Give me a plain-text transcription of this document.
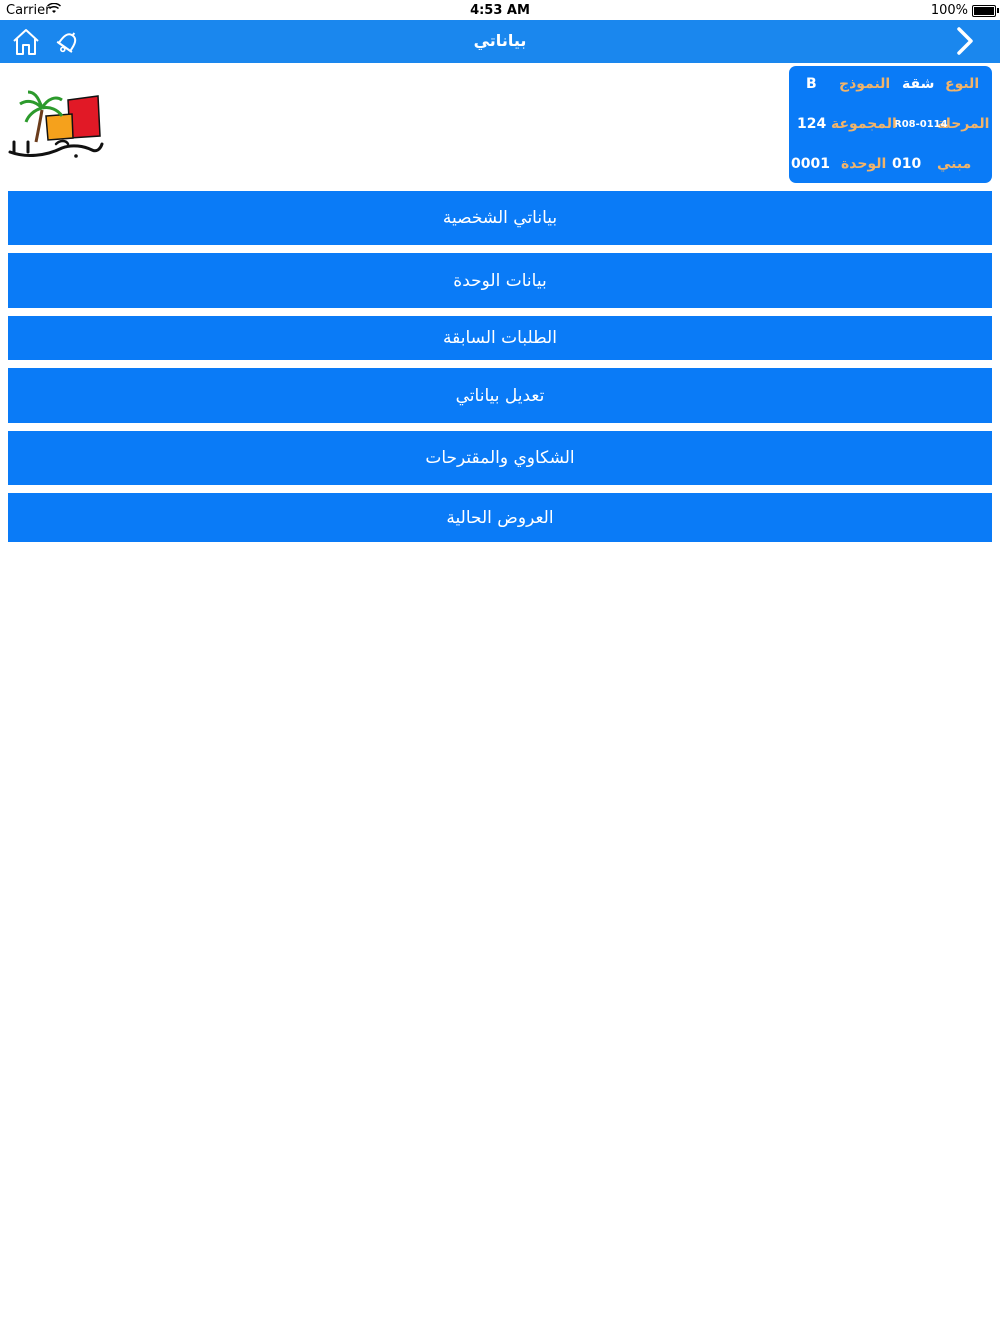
Carrier	4:53 AM	100%
بياناتي
النوع
شقة
النموذج
B
المرحلة
R08-0114
المجموعة
124
مبني
010
الوحدة
0001
بياناتي الشخصية
بيانات الوحدة
الطلبات السابقة
تعديل بياناتي
الشكاوي والمقترحات
العروض الحالية
